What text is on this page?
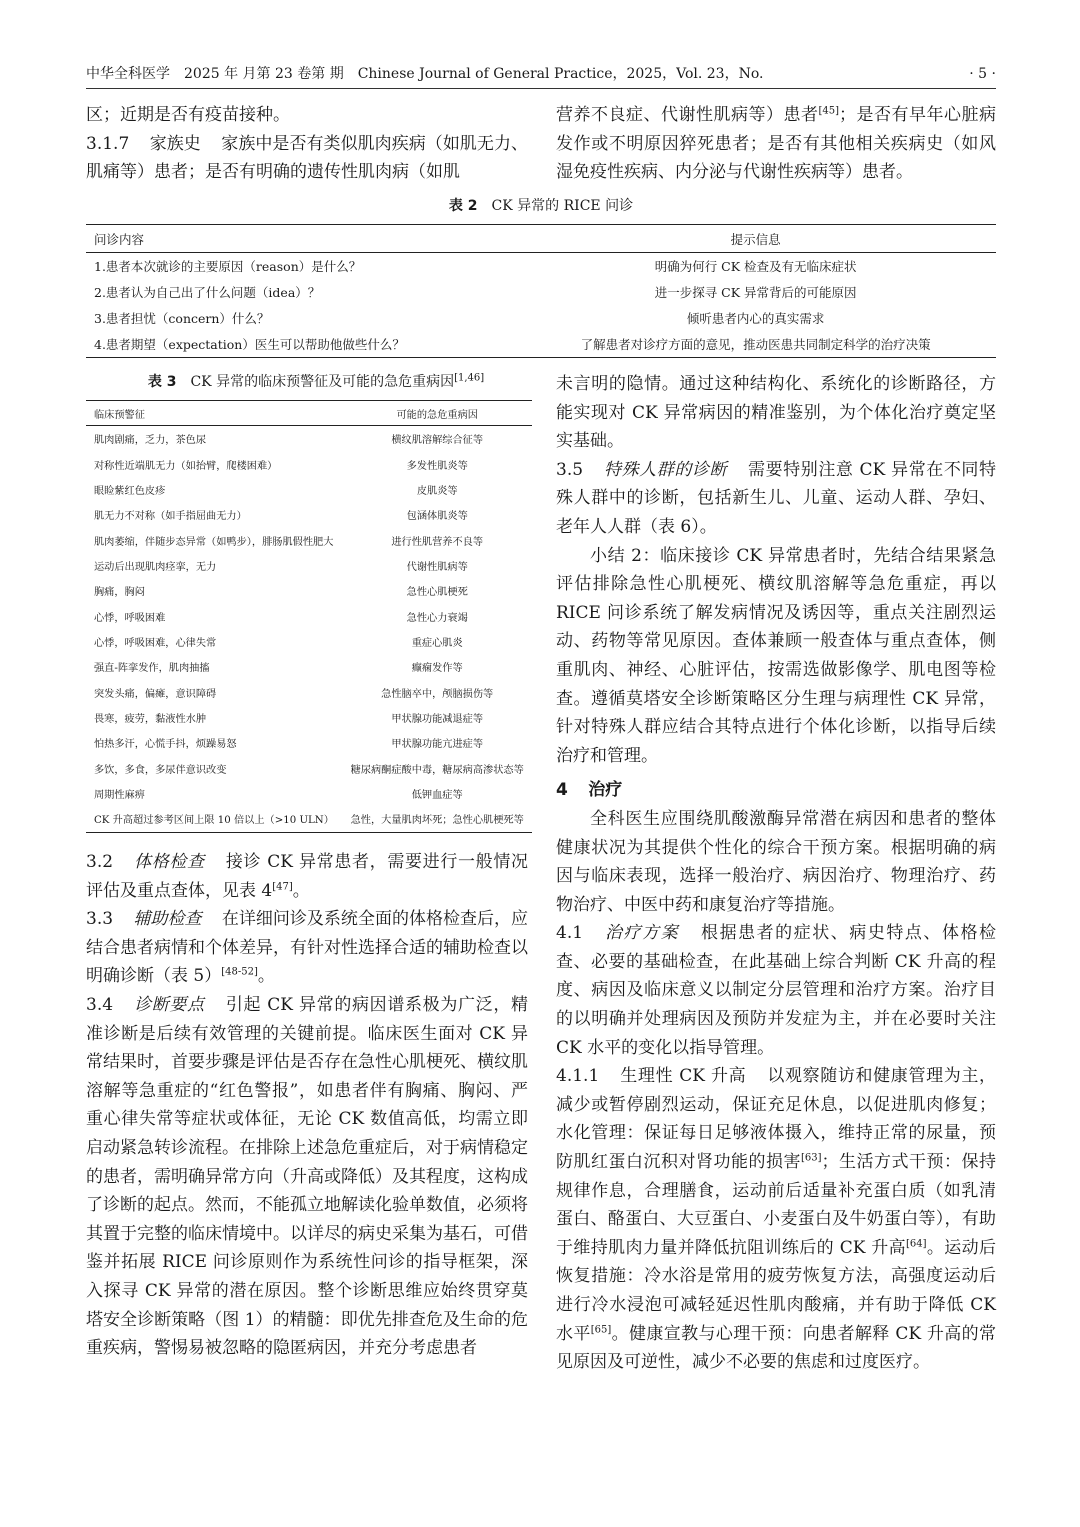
中华全科医学　2025 年 月第 23 卷第 期　Chinese Journal of General Practice，2025，Vol. 23，No.	· 5 ·

区；近期是否有疫苗接种。

3.1.7 家族史 家族中是否有类似肌肉疾病（如肌无力、肌痛等）患者；是否有明确的遗传性肌肉病（如肌

营养不良症、代谢性肌病等）患者[45]；是否有早年心脏病发作或不明原因猝死患者；是否有其他相关疾病史（如风湿免疫性疾病、内分泌与代谢性疾病等）患者。

表 2　 CK 异常的 RICE 问诊
问诊内容	提示信息
1.患者本次就诊的主要原因（reason）是什么？	明确为何行 CK 检查及有无临床症状
2.患者认为自己出了什么问题（idea）？	进一步探寻 CK 异常背后的可能原因
3.患者担忧（concern）什么？	倾听患者内心的真实需求
4.患者期望（expectation）医生可以帮助他做些什么？	了解患者对诊疗方面的意见，推动医患共同制定科学的治疗决策
表 3　 CK 异常的临床预警征及可能的急危重病因[1,46]
临床预警征	可能的急危重病因
肌肉剧痛，乏力，茶色尿	横纹肌溶解综合征等
对称性近端肌无力（如抬臂，爬楼困难）	多发性肌炎等
眼睑紫红色皮疹	皮肌炎等
肌无力不对称（如手指屈曲无力）	包涵体肌炎等
肌肉萎缩，伴随步态异常（如鸭步），腓肠肌假性肥大	进行性肌营养不良等
运动后出现肌肉痉挛，无力	代谢性肌病等
胸痛，胸闷	急性心肌梗死
心悸，呼吸困难	急性心力衰竭
心悸，呼吸困难，心律失常	重症心肌炎
强直-阵挛发作，肌肉抽搐	癫痫发作等
突发头痛，偏瘫，意识障碍	急性脑卒中，颅脑损伤等
畏寒，疲劳，黏液性水肿	甲状腺功能减退症等
怕热多汗，心慌手抖，烦躁易怒	甲状腺功能亢进症等
多饮，多食，多尿伴意识改变	糖尿病酮症酸中毒，糖尿病高渗状态等
周期性麻痹	低钾血症等
CK 升高超过参考区间上限 10 倍以上（>10 ULN）	急性，大量肌肉坏死；急性心肌梗死等

3.2 体格检查 接诊 CK 异常患者，需要进行一般情况评估及重点查体，见表 4[47]。

3.3 辅助检查 在详细问诊及系统全面的体格检查后，应结合患者病情和个体差异，有针对性选择合适的辅助检查以明确诊断（表 5）[48-52]。

3.4 诊断要点 引起 CK 异常的病因谱系极为广泛，精准诊断是后续有效管理的关键前提。临床医生面对 CK 异常结果时，首要步骤是评估是否存在急性心肌梗死、横纹肌溶解等急重症的“红色警报”，如患者伴有胸痛、胸闷、严重心律失常等症状或体征，无论 CK 数值高低，均需立即启动紧急转诊流程。在排除上述急危重症后，对于病情稳定的患者，需明确异常方向（升高或降低）及其程度，这构成了诊断的起点。然而，不能孤立地解读化验单数值，必须将其置于完整的临床情境中。以详尽的病史采集为基石，可借鉴并拓展 RICE 问诊原则作为系统性问诊的指导框架，深入探寻 CK 异常的潜在原因。整个诊断思维应始终贯穿莫塔安全诊断策略（图 1）的精髓：即优先排查危及生命的危重疾病，警惕易被忽略的隐匿病因，并充分考虑患者

未言明的隐情。通过这种结构化、系统化的诊断路径，方能实现对 CK 异常病因的精准鉴别，为个体化治疗奠定坚实基础。

3.5 特殊人群的诊断 需要特别注意 CK 异常在不同特殊人群中的诊断，包括新生儿、儿童、运动人群、孕妇、老年人人群（表 6）。

小结 2：临床接诊 CK 异常患者时，先结合结果紧急评估排除急性心肌梗死、横纹肌溶解等急危重症，再以 RICE 问诊系统了解发病情况及诱因等，重点关注剧烈运动、药物等常见原因。查体兼顾一般查体与重点查体，侧重肌肉、神经、心脏评估，按需选做影像学、肌电图等检查。遵循莫塔安全诊断策略区分生理与病理性 CK 异常，针对特殊人群应结合其特点进行个体化诊断，以指导后续治疗和管理。

4 治疗

全科医生应围绕肌酸激酶异常潜在病因和患者的整体健康状况为其提供个性化的综合干预方案。根据明确的病因与临床表现，选择一般治疗、病因治疗、物理治疗、药物治疗、中医中药和康复治疗等措施。

4.1 治疗方案 根据患者的症状、病史特点、体格检查、必要的基础检查，在此基础上综合判断 CK 升高的程度、病因及临床意义以制定分层管理和治疗方案。治疗目的以明确并处理病因及预防并发症为主，并在必要时关注 CK 水平的变化以指导管理。

4.1.1 生理性 CK 升高 以观察随访和健康管理为主，减少或暂停剧烈运动，保证充足休息，以促进肌肉修复；水化管理：保证每日足够液体摄入，维持正常的尿量，预防肌红蛋白沉积对肾功能的损害[63]；生活方式干预：保持规律作息，合理膳食，运动前后适量补充蛋白质（如乳清蛋白、酪蛋白、大豆蛋白、小麦蛋白及牛奶蛋白等），有助于维持肌肉力量并降低抗阻训练后的 CK 升高[64]。运动后恢复措施：冷水浴是常用的疲劳恢复方法，高强度运动后进行冷水浸泡可减轻延迟性肌肉酸痛，并有助于降低 CK 水平[65]。健康宣教与心理干预：向患者解释 CK 升高的常见原因及可逆性，减少不必要的焦虑和过度医疗。
